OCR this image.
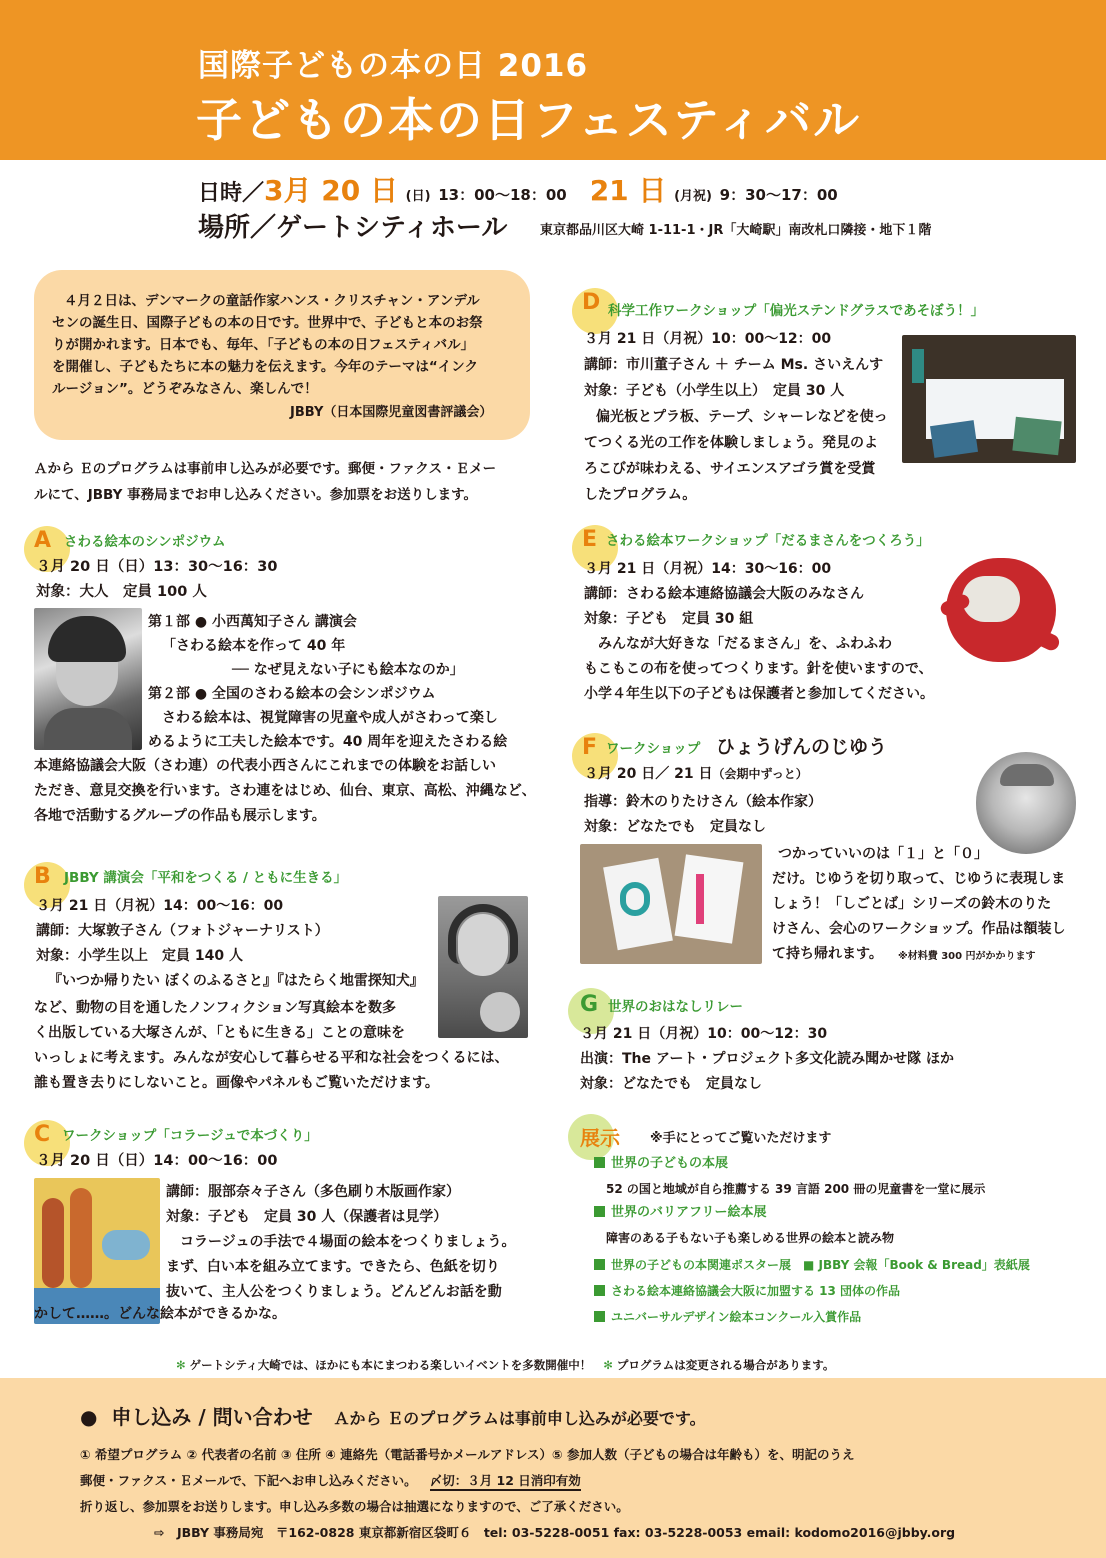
国際子どもの本の日 2016
子どもの本の日フェスティバル
日時／3月 20 日 (日) 13：00〜18：00 21 日 (月祝) 9：30〜17：00
場所／ゲートシティホール	東京都品川区大崎 1-11-1・JR「大崎駅」南改札口隣接・地下１階
４月２日は、デンマークの童話作家ハンス・クリスチャン・アンデル
センの誕生日、国際子どもの本の日です。世界中で、子どもと本のお祭
りが開かれます。日本でも、毎年、「子どもの本の日フェスティバル」
を開催し、子どもたちに本の魅力を伝えます。今年のテーマは“インク
ルージョン”。どうぞみなさん、楽しんで！
JBBY（日本国際児童図書評議会）
Ａから Ｅのプログラムは事前申し込みが必要です。郵便・ファクス・Ｅメー
ルにて、JBBY 事務局までお申し込みください。参加票をお送りします。
A さわる絵本のシンポジウム
３月 20 日（日）13：30〜16：30
対象：大人　定員 100 人
第１部 ● 小西萬知子さん 講演会
「さわる絵本を作って 40 年
── なぜ見えない子にも絵本なのか」
第２部 ● 全国のさわる絵本の会シンポジウム
さわる絵本は、視覚障害の児童や成人がさわって楽し
めるように工夫した絵本です。40 周年を迎えたさわる絵
本連絡協議会大阪（さわ連）の代表小西さんにこれまでの体験をお話しい
ただき、意見交換を行います。さわ連をはじめ、仙台、東京、高松、沖縄など、
各地で活動するグループの作品も展示します。
B JBBY 講演会「平和をつくる / ともに生きる」
３月 21 日（月祝）14：00〜16：00
講師：大塚敦子さん（フォトジャーナリスト）
対象：小学生以上　定員 140 人
『いつか帰りたい ぼくのふるさと』『はたらく地雷探知犬』
など、動物の目を通したノンフィクション写真絵本を数多
く出版している大塚さんが、「ともに生きる」ことの意味を
いっしょに考えます。みんなが安心して暮らせる平和な社会をつくるには、
誰も置き去りにしないこと。画像やパネルもご覧いただけます。
C ワークショップ「コラージュで本づくり」
３月 20 日（日）14：00〜16：00
講師：服部奈々子さん（多色刷り木版画作家）
対象：子ども　定員 30 人（保護者は見学）
コラージュの手法で４場面の絵本をつくりましょう。
まず、白い本を組み立てます。できたら、色紙を切り
抜いて、主人公をつくりましょう。どんどんお話を動
かして……。どんな絵本ができるかな。
D 科学工作ワークショップ「偏光ステンドグラスであそぼう！」
３月 21 日（月祝）10：00〜12：00
講師：市川董子さん ＋ チーム Ms. さいえんす
対象：子ども（小学生以上）　定員 30 人
偏光板とプラ板、テープ、シャーレなどを使っ
てつくる光の工作を体験しましょう。発見のよ
ろこびが味わえる、サイエンスアゴラ賞を受賞
したプログラム。
E さわる絵本ワークショップ「だるまさんをつくろう」
３月 21 日（月祝）14：30〜16：00
講師：さわる絵本連絡協議会大阪のみなさん
対象：子ども　定員 30 組
みんなが大好きな「だるまさん」を、ふわふわ
もこもこの布を使ってつくります。針を使いますので、
小学４年生以下の子どもは保護者と参加してください。
F ワークショップ ひょうげんのじゆう
３月 20 日／ 21 日（会期中ずっと）
指導：鈴木のりたけさん（絵本作家）
対象：どなたでも　定員なし
つかっていいのは「１」と「０」
だけ。じゆうを切り取って、じゆうに表現しま
しょう！「しごとば」シリーズの鈴木のりた
けさん、会心のワークショップ。作品は額装し
て持ち帰れます。	※材料費 300 円がかかります
G 世界のおはなしリレー
３月 21 日（月祝）10：00〜12：30
出演：The アート・プロジェクト多文化読み聞かせ隊 ほか
対象：どなたでも　定員なし
展示 ※手にとってご覧いただけます
世界の子どもの本展
52 の国と地域が自ら推薦する 39 言語 200 冊の児童書を一堂に展示
世界のバリアフリー絵本展
障害のある子もない子も楽しめる世界の絵本と読み物
世界の子どもの本関連ポスター展　■ JBBY 会報「Book & Bread」表紙展
さわる絵本連絡協議会大阪に加盟する 13 団体の作品
ユニバーサルデザイン絵本コンクール入賞作品
✻ ゲートシティ大崎では、ほかにも本にまつわる楽しいイベントを多数開催中！ ✻ プログラムは変更される場合があります。
● 申し込み / 問い合わせ Ａから Ｅのプログラムは事前申し込みが必要です。
① 希望プログラム ② 代表者の名前 ③ 住所 ④ 連絡先（電話番号かメールアドレス）⑤ 参加人数（子どもの場合は年齢も）を、明記のうえ
郵便・ファクス・Ｅメールで、下記へお申し込みください。 〆切：３月 12 日消印有効
折り返し、参加票をお送りします。申し込み多数の場合は抽選になりますので、ご了承ください。
⇨　JBBY 事務局宛　〒162-0828 東京都新宿区袋町６　tel: 03-5228-0051 fax: 03-5228-0053 email: kodomo2016@jbby.org
